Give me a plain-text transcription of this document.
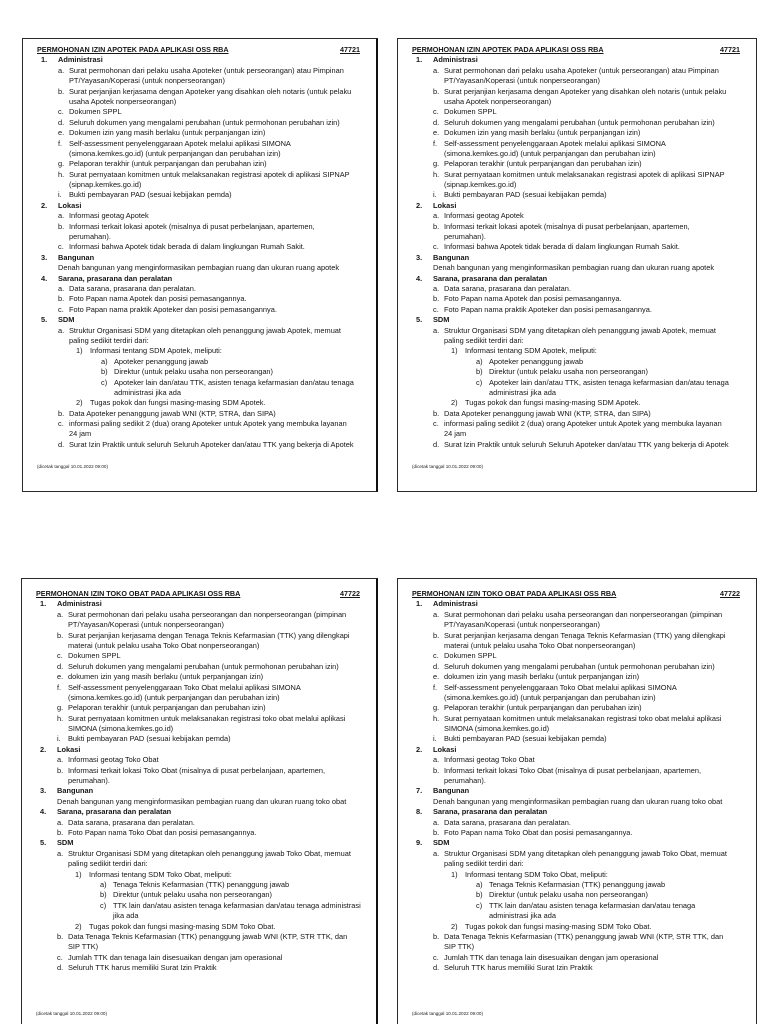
PERMOHONAN IZIN APOTEK PADA APLIKASI OSS RBA	47721
1. Administrasi
a. Surat permohonan dari pelaku usaha Apoteker (untuk perseorangan) atau Pimpinan
PT/Yayasan/Koperasi (untuk nonperseorangan)
b. Surat perjanjian kerjasama dengan Apoteker yang disahkan oleh notaris (untuk pelaku
usaha Apotek nonperseorangan)
c. Dokumen SPPL
d. Seluruh dokumen yang mengalami perubahan (untuk permohonan perubahan izin)
e. Dokumen izin yang masih berlaku (untuk perpanjangan izin)
f. Self-assessment penyelenggaraan Apotek melalui aplikasi SIMONA
(simona.kemkes.go.id) (untuk perpanjangan dan perubahan izin)
g. Pelaporan terakhir (untuk perpanjangan dan perubahan izin)
h. Surat pernyataan komitmen untuk melaksanakan registrasi apotek di aplikasi SIPNAP
(sipnap.kemkes.go.id)
i. Bukti pembayaran PAD (sesuai kebijakan pemda)
2. Lokasi
a. Informasi geotag Apotek
b. Informasi terkait lokasi apotek (misalnya di pusat perbelanjaan, apartemen,
perumahan).
c. Informasi bahwa Apotek tidak berada di dalam lingkungan Rumah Sakit.
3. Bangunan
Denah bangunan yang menginformasikan pembagian ruang dan ukuran ruang apotek
4. Sarana, prasarana dan peralatan
a. Data sarana, prasarana dan peralatan.
b. Foto Papan nama Apotek dan posisi pemasangannya.
c. Foto Papan nama praktik Apoteker dan posisi pemasangannya.
5. SDM
a. Struktur Organisasi SDM yang ditetapkan oleh penanggung jawab Apotek, memuat
paling sedikit terdiri dari:
1) Informasi tentang SDM Apotek, meliputi:
a) Apoteker penanggung jawab
b) Direktur (untuk pelaku usaha non perseorangan)
c) Apoteker lain dan/atau TTK, asisten tenaga kefarmasian dan/atau tenaga
administrasi jika ada
2) Tugas pokok dan fungsi masing-masing SDM Apotek.
b. Data Apoteker penanggung jawab WNI (KTP, STRA, dan SIPA)
c. informasi paling sedikit 2 (dua) orang Apoteker untuk Apotek yang membuka layanan
24 jam
d. Surat Izin Praktik untuk seluruh Seluruh Apoteker dan/atau TTK yang bekerja di Apotek
(dicetak tanggal 10.01.2022 09:00)
PERMOHONAN IZIN APOTEK PADA APLIKASI OSS RBA	47721
1. Administrasi
a. Surat permohonan dari pelaku usaha Apoteker (untuk perseorangan) atau Pimpinan
PT/Yayasan/Koperasi (untuk nonperseorangan)
b. Surat perjanjian kerjasama dengan Apoteker yang disahkan oleh notaris (untuk pelaku
usaha Apotek nonperseorangan)
c. Dokumen SPPL
d. Seluruh dokumen yang mengalami perubahan (untuk permohonan perubahan izin)
e. Dokumen izin yang masih berlaku (untuk perpanjangan izin)
f. Self-assessment penyelenggaraan Apotek melalui aplikasi SIMONA
(simona.kemkes.go.id) (untuk perpanjangan dan perubahan izin)
g. Pelaporan terakhir (untuk perpanjangan dan perubahan izin)
h. Surat pernyataan komitmen untuk melaksanakan registrasi apotek di aplikasi SIPNAP
(sipnap.kemkes.go.id)
i. Bukti pembayaran PAD (sesuai kebijakan pemda)
2. Lokasi
a. Informasi geotag Apotek
b. Informasi terkait lokasi apotek (misalnya di pusat perbelanjaan, apartemen,
perumahan).
c. Informasi bahwa Apotek tidak berada di dalam lingkungan Rumah Sakit.
3. Bangunan
Denah bangunan yang menginformasikan pembagian ruang dan ukuran ruang apotek
4. Sarana, prasarana dan peralatan
a. Data sarana, prasarana dan peralatan.
b. Foto Papan nama Apotek dan posisi pemasangannya.
c. Foto Papan nama praktik Apoteker dan posisi pemasangannya.
5. SDM
a. Struktur Organisasi SDM yang ditetapkan oleh penanggung jawab Apotek, memuat
paling sedikit terdiri dari:
1) Informasi tentang SDM Apotek, meliputi:
a) Apoteker penanggung jawab
b) Direktur (untuk pelaku usaha non perseorangan)
c) Apoteker lain dan/atau TTK, asisten tenaga kefarmasian dan/atau tenaga
administrasi jika ada
2) Tugas pokok dan fungsi masing-masing SDM Apotek.
b. Data Apoteker penanggung jawab WNI (KTP, STRA, dan SIPA)
c. informasi paling sedikit 2 (dua) orang Apoteker untuk Apotek yang membuka layanan
24 jam
d. Surat Izin Praktik untuk seluruh Seluruh Apoteker dan/atau TTK yang bekerja di Apotek
(dicetak tanggal 10.01.2022 09:00)
PERMOHONAN IZIN TOKO OBAT PADA APLIKASI OSS RBA	47722
1. Administrasi
a. Surat permohonan dari pelaku usaha perseorangan dan nonperseorangan (pimpinan
PT/Yayasan/Koperasi (untuk nonperseorangan)
b. Surat perjanjian kerjasama dengan Tenaga Teknis Kefarmasian (TTK) yang dilengkapi
materai (untuk pelaku usaha Toko Obat nonperseorangan)
c. Dokumen SPPL
d. Seluruh dokumen yang mengalami perubahan (untuk permohonan perubahan izin)
e. dokumen izin yang masih berlaku (untuk perpanjangan izin)
f. Self-assessment penyelenggaraan Toko Obat melalui aplikasi SIMONA
(simona.kemkes.go.id) (untuk perpanjangan dan perubahan izin)
g. Pelaporan terakhir (untuk perpanjangan dan perubahan izin)
h. Surat pernyataan komitmen untuk melaksanakan registrasi toko obat melalui aplikasi
SIMONA (simona.kemkes.go.id)
i. Bukti pembayaran PAD (sesuai kebijakan pemda)
2. Lokasi
a. Informasi geotag Toko Obat
b. Informasi terkait lokasi Toko Obat (misalnya di pusat perbelanjaan, apartemen,
perumahan).
3. Bangunan
Denah bangunan yang menginformasikan pembagian ruang dan ukuran ruang toko obat
4. Sarana, prasarana dan peralatan
a. Data sarana, prasarana dan peralatan.
b. Foto Papan nama Toko Obat dan posisi pemasangannya.
5. SDM
a. Struktur Organisasi SDM yang ditetapkan oleh penanggung jawab Toko Obat, memuat
paling sedikit terdiri dari:
1) Informasi tentang SDM Toko Obat, meliputi:
a) Tenaga Teknis Kefarmasian (TTK) penanggung jawab
b) Direktur (untuk pelaku usaha non perseorangan)
c) TTK lain dan/atau asisten tenaga kefarmasian dan/atau tenaga administrasi
jika ada
2) Tugas pokok dan fungsi masing-masing SDM Toko Obat.
b. Data Tenaga Teknis Kefarmasian (TTK) penanggung jawab WNI (KTP, STR TTK, dan
SIP TTK)
c. Jumlah TTK dan tenaga lain disesuaikan dengan jam operasional
d. Seluruh TTK harus memiliki Surat Izin Praktik
(dicetak tanggal 10.01.2022 09:00)
PERMOHONAN IZIN TOKO OBAT PADA APLIKASI OSS RBA	47722
1. Administrasi
a. Surat permohonan dari pelaku usaha perseorangan dan nonperseorangan (pimpinan
PT/Yayasan/Koperasi (untuk nonperseorangan)
b. Surat perjanjian kerjasama dengan Tenaga Teknis Kefarmasian (TTK) yang dilengkapi
materai (untuk pelaku usaha Toko Obat nonperseorangan)
c. Dokumen SPPL
d. Seluruh dokumen yang mengalami perubahan (untuk permohonan perubahan izin)
e. dokumen izin yang masih berlaku (untuk perpanjangan izin)
f. Self-assessment penyelenggaraan Toko Obat melalui aplikasi SIMONA
(simona.kemkes.go.id) (untuk perpanjangan dan perubahan izin)
g. Pelaporan terakhir (untuk perpanjangan dan perubahan izin)
h. Surat pernyataan komitmen untuk melaksanakan registrasi toko obat melalui aplikasi
SIMONA (simona.kemkes.go.id)
i. Bukti pembayaran PAD (sesuai kebijakan pemda)
2. Lokasi
a. Informasi geotag Toko Obat
b. Informasi terkait lokasi Toko Obat (misalnya di pusat perbelanjaan, apartemen,
perumahan).
7. Bangunan
Denah bangunan yang menginformasikan pembagian ruang dan ukuran ruang toko obat
8. Sarana, prasarana dan peralatan
a. Data sarana, prasarana dan peralatan.
b. Foto Papan nama Toko Obat dan posisi pemasangannya.
9. SDM
a. Struktur Organisasi SDM yang ditetapkan oleh penanggung jawab Toko Obat, memuat
paling sedikit terdiri dari:
1) Informasi tentang SDM Toko Obat, meliputi:
a) Tenaga Teknis Kefarmasian (TTK) penanggung jawab
b) Direktur (untuk pelaku usaha non perseorangan)
c) TTK lain dan/atau asisten tenaga kefarmasian dan/atau tenaga
administrasi jika ada
2) Tugas pokok dan fungsi masing-masing SDM Toko Obat.
b. Data Tenaga Teknis Kefarmasian (TTK) penanggung jawab WNI (KTP, STR TTK, dan
SIP TTK)
c. Jumlah TTK dan tenaga lain disesuaikan dengan jam operasional
d. Seluruh TTK harus memiliki Surat Izin Praktik
(dicetak tanggal 10.01.2022 09:00)
